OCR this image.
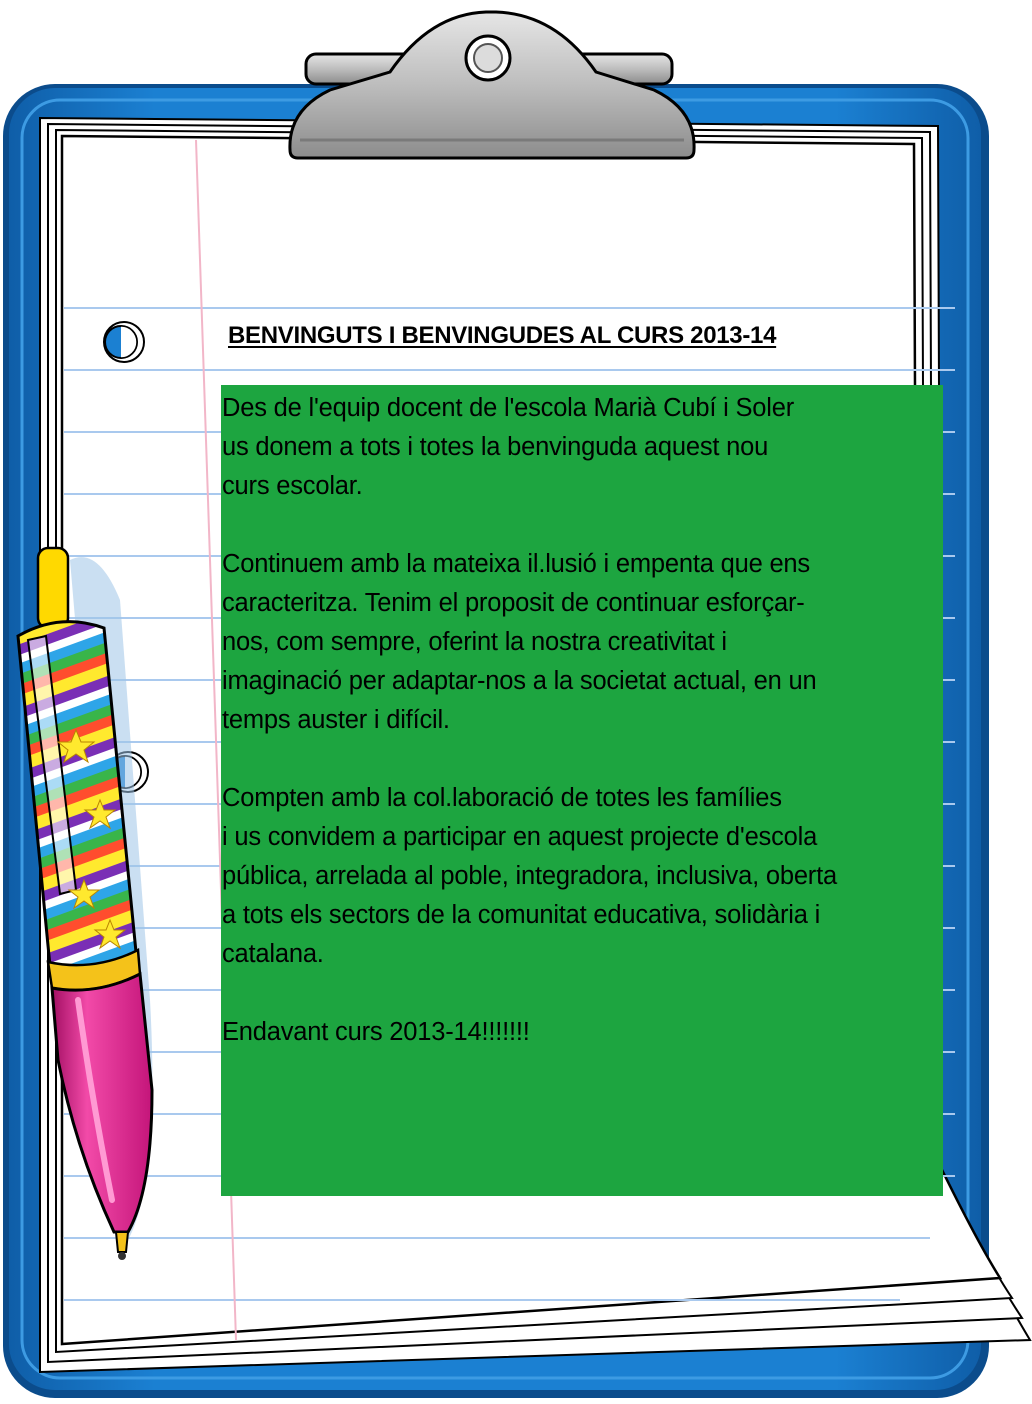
BENVINGUTS I BENVINGUDES AL CURS 2013-14

Des de l'equip docent de l'escola Marià Cubí i Soler
us donem a tots i totes la benvinguda aquest nou
curs escolar.

Continuem amb la mateixa il.lusió i empenta que ens
caracteritza. Tenim el proposit de continuar esforçar-
nos, com sempre, oferint la nostra creativitat i
imaginació per adaptar-nos a la societat actual, en un
temps auster i difícil.

Compten amb la col.laboració de totes les famílies
i us convidem a participar en aquest projecte d'escola
pública, arrelada al poble, integradora, inclusiva, oberta
a tots els sectors de la comunitat educativa, solidària i
catalana.

Endavant curs 2013-14!!!!!!!
